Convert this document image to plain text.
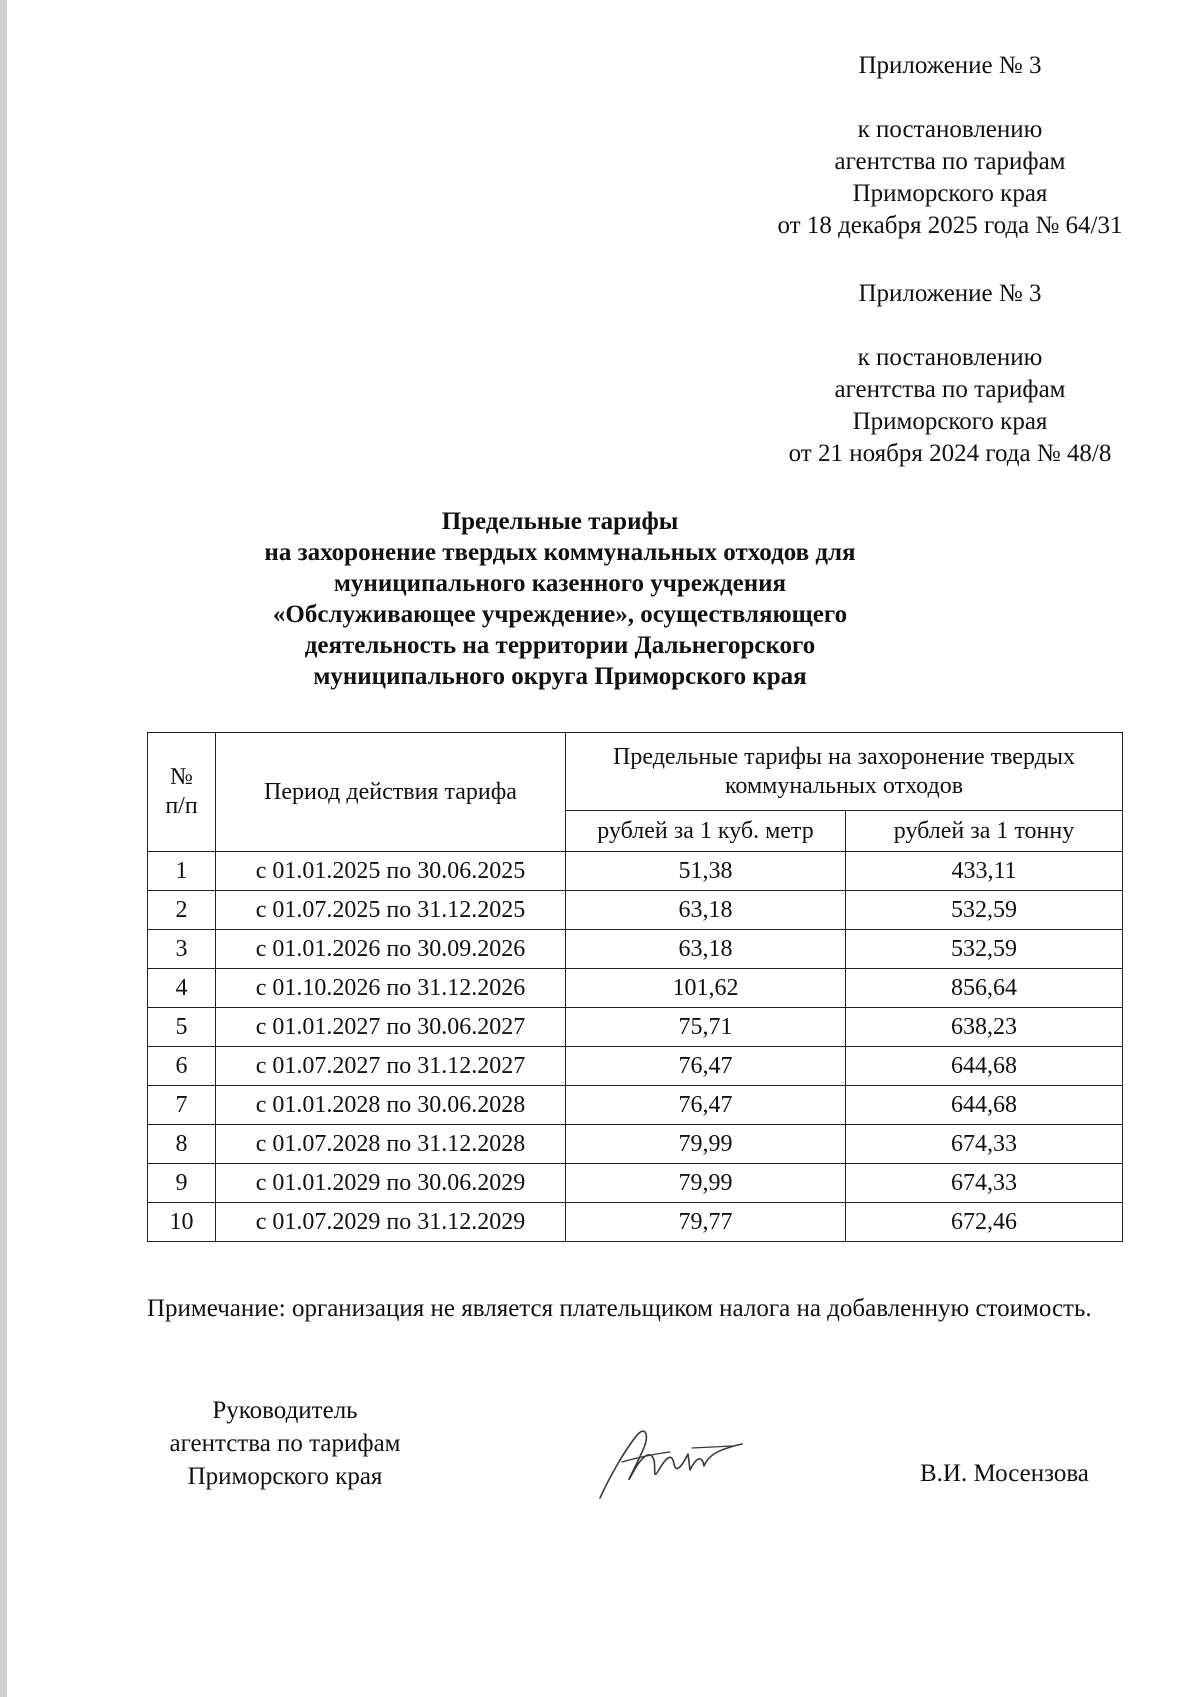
Приложение № 3
к постановлению
агентства по тарифам
Приморского края
от 18 декабря 2025 года № 64/31
Приложение № 3
к постановлению
агентства по тарифам
Приморского края
от 21 ноября 2024 года № 48/8
Предельные тарифы
на захоронение твердых коммунальных отходов для
муниципального казенного учреждения
«Обслуживающее учреждение», осуществляющего
деятельность на территории Дальнегорского
муниципального округа Приморского края
№ п/п	Период действия тарифа	Предельные тарифы на захоронение твердых коммунальных отходов	
		рублей за 1 куб. метр	рублей за 1 тонну
1	с 01.01.2025 по 30.06.2025	51,38	433,11
2	с 01.07.2025 по 31.12.2025	63,18	532,59
3	с 01.01.2026 по 30.09.2026	63,18	532,59
4	с 01.10.2026 по 31.12.2026	101,62	856,64
5	с 01.01.2027 по 30.06.2027	75,71	638,23
6	с 01.07.2027 по 31.12.2027	76,47	644,68
7	с 01.01.2028 по 30.06.2028	76,47	644,68
8	с 01.07.2028 по 31.12.2028	79,99	674,33
9	с 01.01.2029 по 30.06.2029	79,99	674,33
10	с 01.07.2029 по 31.12.2029	79,77	672,46
Примечание: организация не является плательщиком налога на добавленную стоимость.
Руководитель
агентства по тарифам
Приморского края	В.И. Мосензова
